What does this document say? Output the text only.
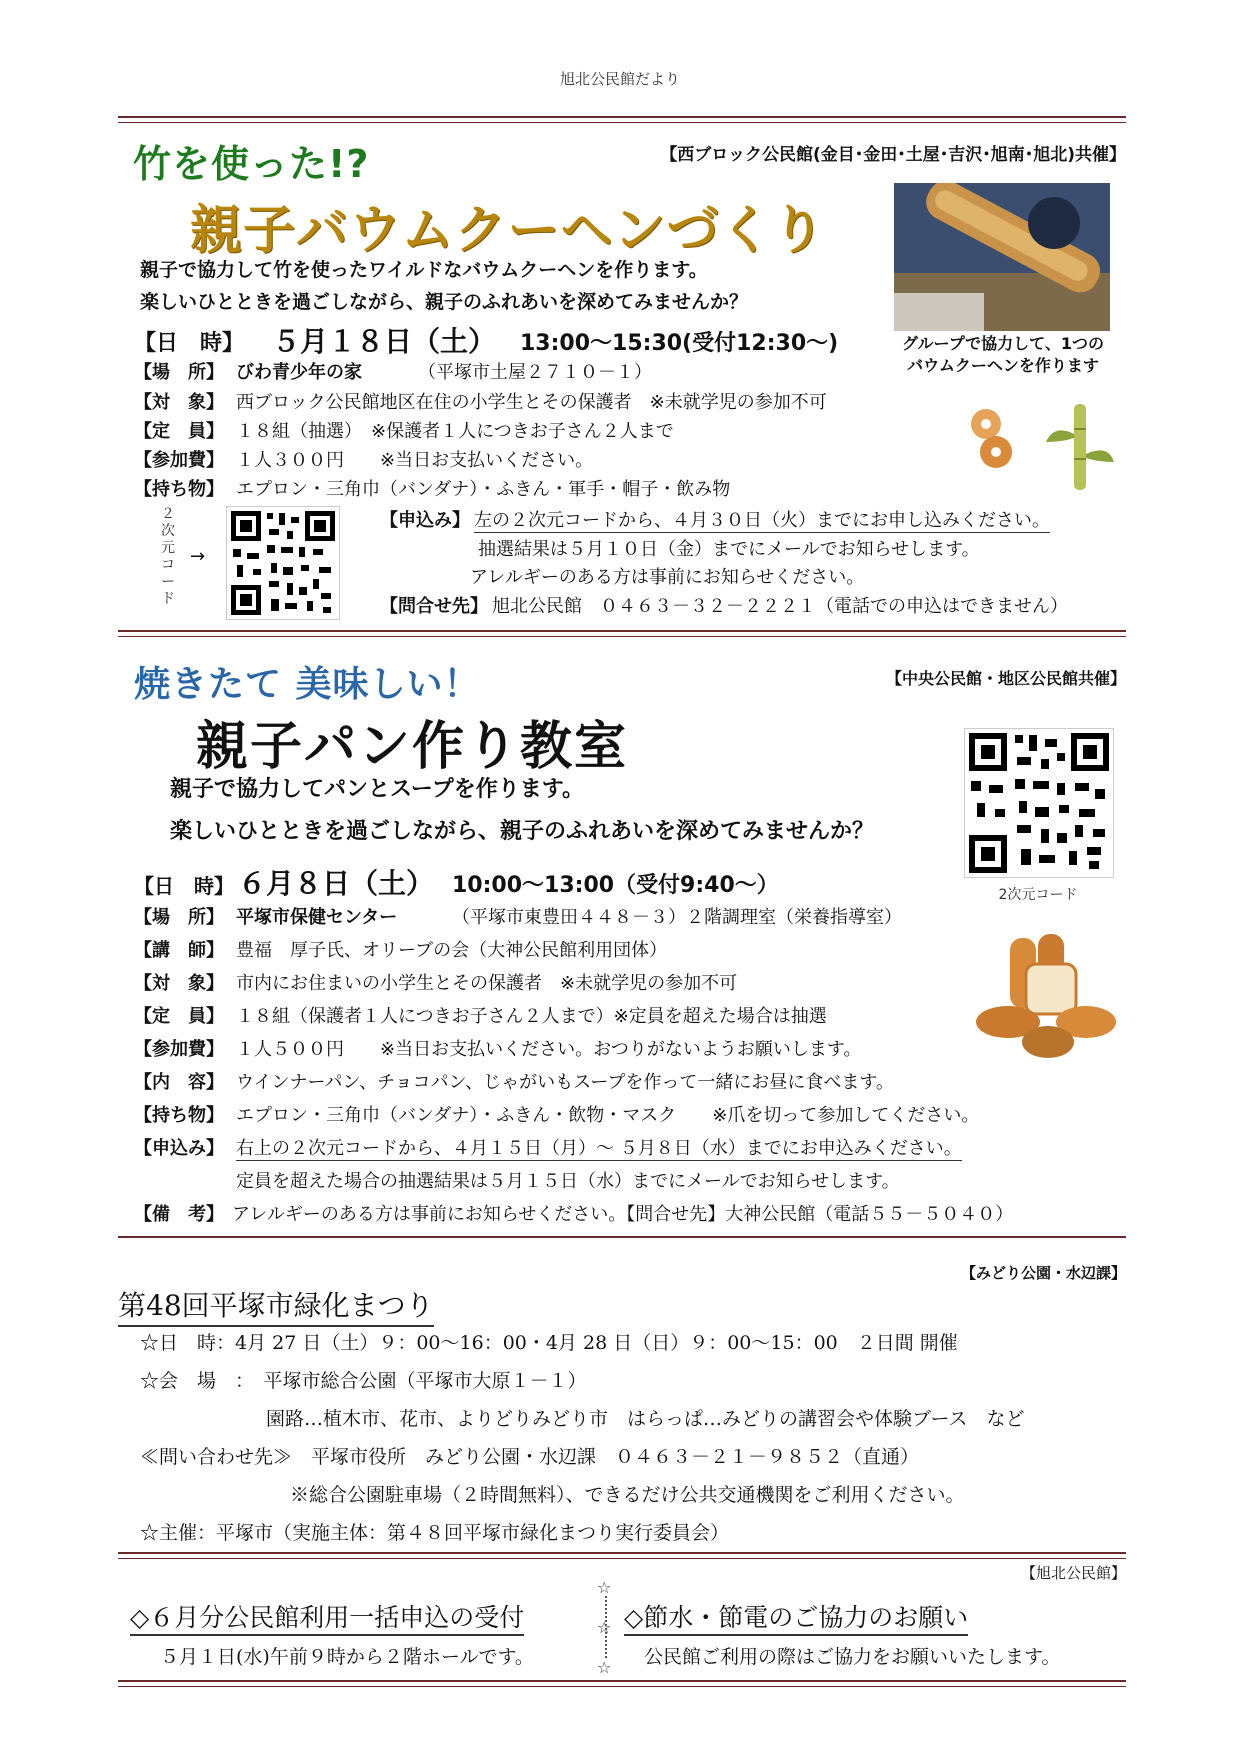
旭北公民館だより
【西ブロック公民館(金目･金田･土屋･吉沢･旭南･旭北)共催】
竹を使った!?
親子バウムクーヘンづくり
グループで協力して、1つの
バウムクーヘンを作ります
親子で協力して竹を使ったワイルドなバウムクーヘンを作ります。
楽しいひとときを過ごしながら、親子のふれあいを深めてみませんか？
【日　時】 ５月１８日（土） 13:00～15:30(受付12:30～)
【場　所】 びわ青少年の家	（平塚市土屋２７１０－１）
【対　象】 西ブロック公民館地区在住の小学生とその保護者　※未就学児の参加不可
【定　員】 １８組（抽選）　※保護者１人につきお子さん２人まで
【参加費】 １人３００円　　※当日お支払いください。
【持ち物】 エプロン・三角巾（バンダナ）・ふきん・軍手・帽子・飲み物
２次元コード
→
【申込み】 左の２次元コードから、４月３０日（火）までにお申し込みください。
抽選結果は５月１０日（金）までにメールでお知らせします。
アレルギーのある方は事前にお知らせください。
【問合せ先】 旭北公民館　０４６３－３２－２２２１（電話での申込はできません）
【中央公民館・地区公民館共催】
焼きたて 美味しい！
親子パン作り教室
親子で協力してパンとスープを作ります。
楽しいひとときを過ごしながら、親子のふれあいを深めてみませんか？
2次元コード
【日　時】 ６月８日（土） 10:00～13:00（受付9:40～）
【場　所】 平塚市保健センター	（平塚市東豊田４４８－３）２階調理室（栄養指導室）
【講　師】 豊福　厚子氏、オリーブの会（大神公民館利用団体）
【対　象】 市内にお住まいの小学生とその保護者　※未就学児の参加不可
【定　員】 １８組（保護者１人につきお子さん２人まで）※定員を超えた場合は抽選
【参加費】 １人５００円　　※当日お支払いください。おつりがないようお願いします。
【内　容】 ウインナーパン、チョコパン、じゃがいもスープを作って一緒にお昼に食べます。
【持ち物】 エプロン・三角巾（バンダナ）・ふきん・飲物・マスク　　※爪を切って参加してください。
【申込み】 右上の２次元コードから、４月１５日（月）～ ５月８日（水）までにお申込みください。
定員を超えた場合の抽選結果は５月１５日（水）までにメールでお知らせします。
【備　考】 アレルギーのある方は事前にお知らせください。【問合せ先】大神公民館（電話５５－５０４０）
【みどり公園・水辺課】
第48回平塚市緑化まつり
☆日　時：4月 27 日（土）９：00～16：00・4月 28 日（日）９：00～15：00　２日間 開催
☆会　場　：　平塚市総合公園（平塚市大原１－１）
園路…植木市、花市、よりどりみどり市　はらっぱ…みどりの講習会や体験ブース　など
≪問い合わせ先≫　平塚市役所　みどり公園・水辺課　０４６３－２１－９８５２（直通）
※総合公園駐車場（２時間無料）、できるだけ公共交通機関をご利用ください。
☆主催：平塚市（実施主体：第４８回平塚市緑化まつり実行委員会）
【旭北公民館】
◇６月分公民館利用一括申込の受付
５月１日(水)午前９時から２階ホールです。
☆
☆
☆
◇節水・節電のご協力のお願い
公民館ご利用の際はご協力をお願いいたします。
